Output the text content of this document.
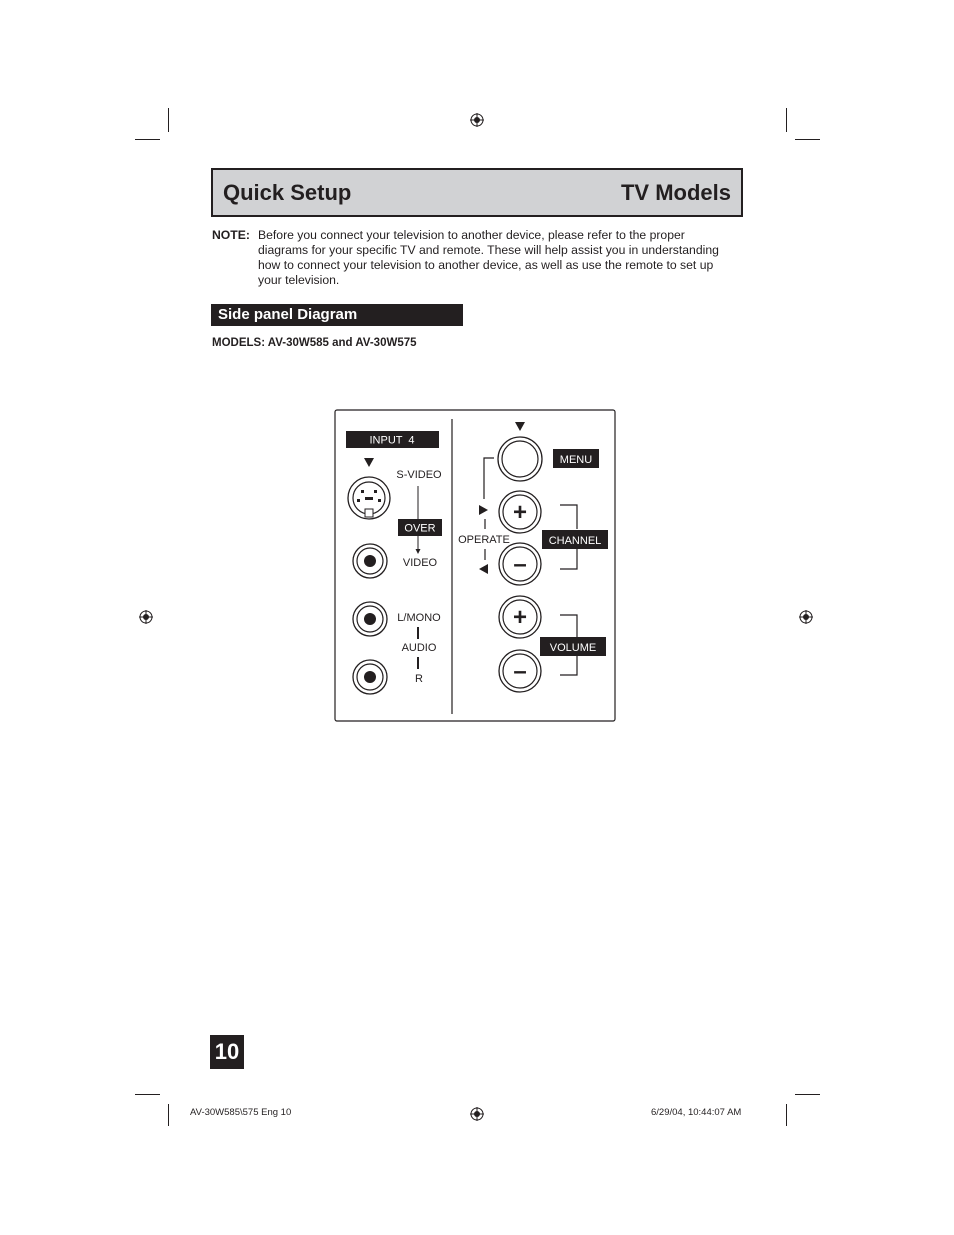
Quick Setup	TV Models
NOTE: Before you connect your television to another device, please refer to the proper diagrams for your specific TV and remote. These will help assist you in understanding how to connect your television to another device, as well as use the remote to set up your television.
Side panel Diagram
MODELS: AV-30W585 and AV-30W575
INPUT  4
S-VIDEO
OVER
VIDEO
L/MONO
AUDIO
R
MENU
OPERATE
+
–
CHANNEL
+
–
VOLUME
10
AV-30W585\575 Eng 10	6/29/04, 10:44:07 AM
